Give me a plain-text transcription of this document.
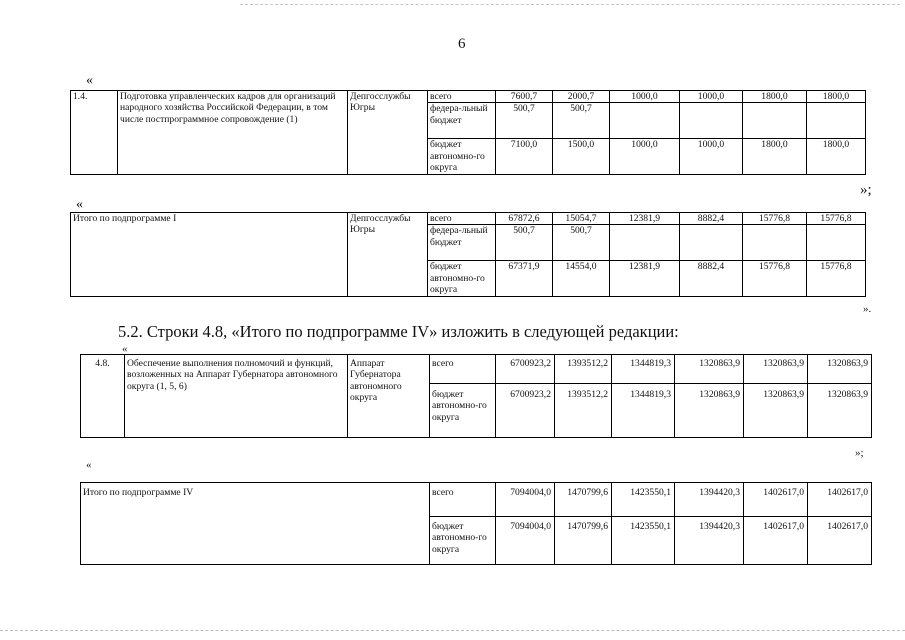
6
«
1.4.	Подготовка управленческих кадров для организаций народного хозяйства Российской Федерации, в том числе постпрограммное сопровождение (1)	Депгосслужбы Югры	всего	7600,7	2000,7	1000,0	1000,0	1800,0	1800,0
			федера-льный бюджет	500,7	500,7				
			бюджет автономно-го округа	7100,0	1500,0	1000,0	1000,0	1800,0	1800,0
»;
«
Итого по подпрограмме I	Депгосслужбы Югры	всего	67872,6	15054,7	12381,9	8882,4	15776,8	15776,8
		федера-льный бюджет	500,7	500,7				
		бюджет автономно-го округа	67371,9	14554,0	12381,9	8882,4	15776,8	15776,8
».
5.2. Строки 4.8, «Итого по подпрограмме IV» изложить в следующей редакции:
«
4.8.	Обеспечение выполнения полномочий и функций, возложенных на Аппарат Губернатора автономного округа (1, 5, 6)	Аппарат Губернатора автономного округа	всего	6700923,2	1393512,2	1344819,3	1320863,9	1320863,9	1320863,9
			бюджет автономно-го округа	6700923,2	1393512,2	1344819,3	1320863,9	1320863,9	1320863,9
»;
«
Итого по подпрограмме IV	всего	7094004,0	1470799,6	1423550,1	1394420,3	1402617,0	1402617,0
	бюджет автономно-го округа	7094004,0	1470799,6	1423550,1	1394420,3	1402617,0	1402617,0
